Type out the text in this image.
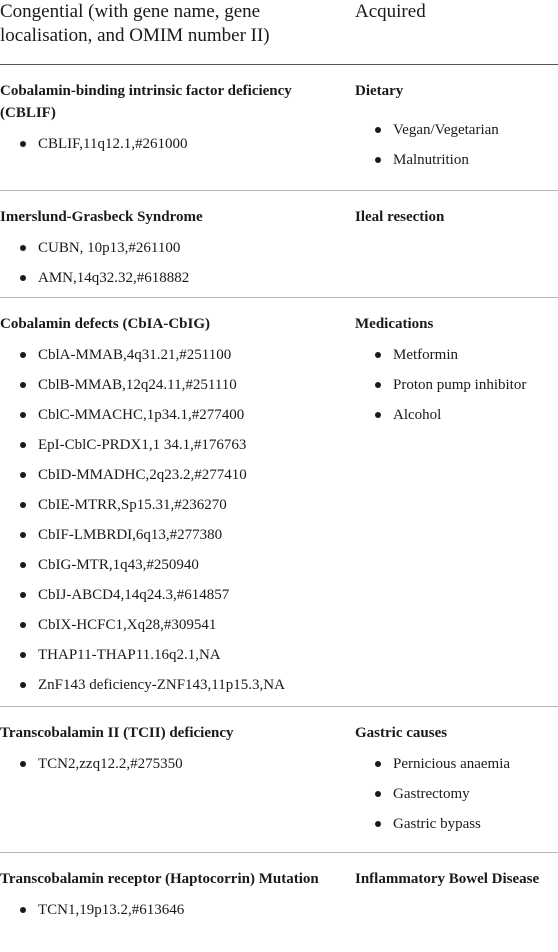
Congential (with gene name, gene localisation, and OMIM number II)
Acquired

Cobalamin-binding intrinsic factor deficiency (CBLIF)

CBLIF,11q12.1,#261000

Dietary

Vegan/Vegetarian
Malnutrition

Imerslund-Grasbeck Syndrome

CUBN, 10p13,#261100
AMN,14q32.32,#618882

Ileal resection

Cobalamin defects (CbIA-CbIG)

CblA-MMAB,4q31.21,#251100
CblB-MMAB,12q24.11,#251110
CblC-MMACHC,1p34.1,#277400
EpI-CblC-PRDX1,1 34.1,#176763
CbID-MMADHC,2q23.2,#277410
CbIE-MTRR,Sp15.31,#236270
CbIF-LMBRDI,6q13,#277380
CbIG-MTR,1q43,#250940
CbIJ-ABCD4,14q24.3,#614857
CbIX-HCFC1,Xq28,#309541
THAP11-THAP11.16q2.1,NA
ZnF143 deficiency-ZNF143,11p15.3,NA

Medications

Metformin
Proton pump inhibitor
Alcohol

Transcobalamin II (TCII) deficiency

TCN2,zzq12.2,#275350

Gastric causes

Pernicious anaemia
Gastrectomy
Gastric bypass

Transcobalamin receptor (Haptocorrin) Mutation

TCN1,19p13.2,#613646

Inflammatory Bowel Disease
